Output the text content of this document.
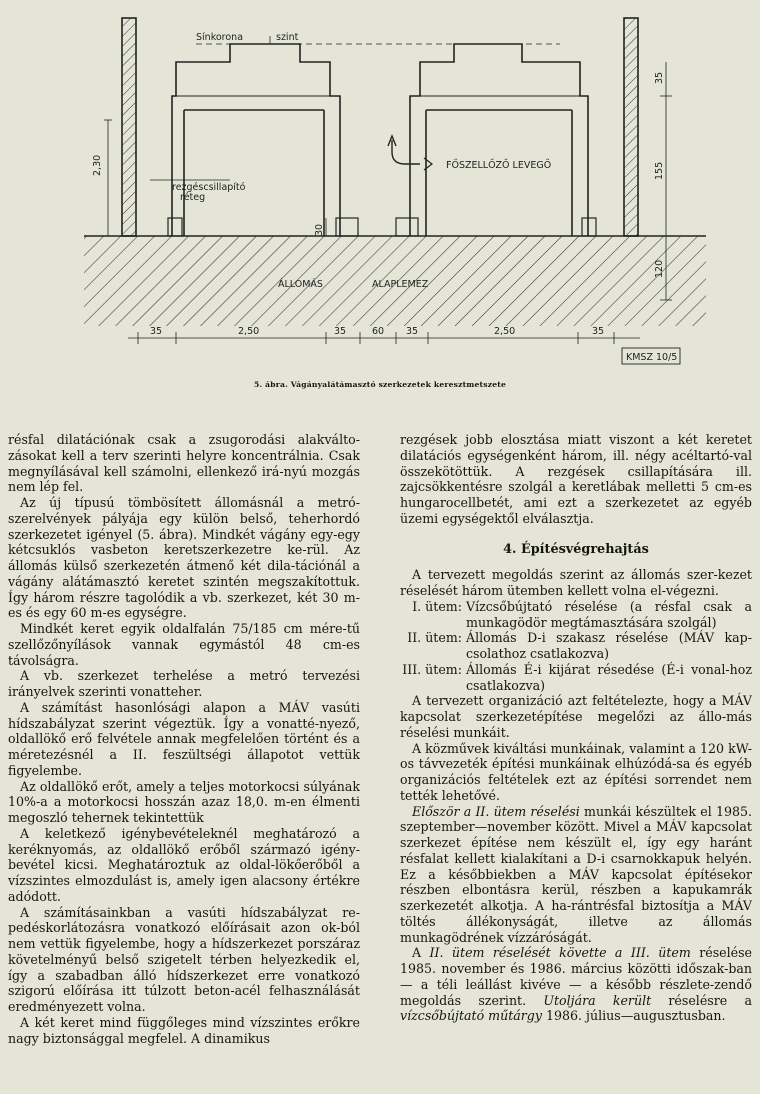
Sínkorona	szint
rezgéscsillapító
réteg
FŐSZELLŐZŐ LEVEGŐ
ÁLLOMÁS	ALAPLEMEZ
KMSZ 10/5
2,30
35
155
120
30
35	2,50	35	60 35	2,50	35
5. ábra. Vágányalátámasztó szerkezetek keresztmetszete

résfal dilatációnak csak a zsugorodási alakválto-zásokat kell a terv szerinti helyre koncentrálnia. Csak megnyílásával kell számolni, ellenkező irá-nyú mozgás nem lép fel.

Az új típusú tömbösített állomásnál a metró-szerelvények pályája egy külön belső, teherhordó szerkezetet igényel (5. ábra). Mindkét vágány egy-egy kétcsuklós vasbeton keretszerkezetre ke-rül. Az állomás külső szerkezetén átmenő két dila-tációnál a vágány alátámasztó keretet szintén megszakítottuk. Így három részre tagolódik a vb. szerkezet, két 30 m-es és egy 60 m-es egységre.

Mindkét keret egyik oldalfalán 75/185 cm mére-tű szellőzőnyílások vannak egymástól 48 cm-es távolságra.

A vb. szerkezet terhelése a metró tervezési irányelvek szerinti vonatteher.

A számítást hasonlósági alapon a MÁV vasúti hídszabályzat szerint végeztük. Így a vonatté-nyező, oldallökő erő felvétele annak megfelelően történt és a méretezésnél a II. feszültségi állapotot vettük figyelembe.

Az oldallökő erőt, amely a teljes motorkocsi súlyának 10%-a a motorkocsi hosszán azaz 18,0. m-en élmenti megoszló tehernek tekintettük

A keletkező igénybevételeknél meghatározó a keréknyomás, az oldallökő erőből származó igény-bevétel kicsi. Meghatároztuk az oldal-lökőerőből a vízszintes elmozdulást is, amely igen alacsony értékre adódott.

A számításainkban a vasúti hídszabályzat re-pedéskorlátozásra vonatkozó előírásait azon ok-ból nem vettük figyelembe, hogy a hídszerkezet porszáraz követelményű belső szigetelt térben helyezkedik el, így a szabadban álló hídszerkezet erre vonatkozó szigorú előírása itt túlzott beton-acél felhasználását eredményezett volna.

A két keret mind függőleges mind vízszintes erőkre nagy biztonsággal megfelel. A dinamikus

rezgések jobb elosztása miatt viszont a két keretet dilatációs egységenként három, ill. négy acéltartó-val összekötöttük. A rezgések csillapítására ill. zajcsökkentésre szolgál a keretlábak melletti 5 cm-es hungarocellbetét, ami ezt a szerkezetet az egyéb üzemi egységektől elválasztja.

4. Építésvégrehajtás

A tervezett megoldás szerint az állomás szer-kezet réselését három ütemben kellett volna el-végezni.

I. ütem: Vízcsőbújtató réselése (a résfal csak a munkagödör megtámasztására szolgál)
II. ütem: Állomás D-i szakasz réselése (MÁV kap-csolathoz csatlakozva)
III. ütem: Állomás É-i kijárat résedése (É-i vonal-hoz csatlakozva)

A tervezett organizáció azt feltételezte, hogy a MÁV kapcsolat szerkezetépítése megelőzi az állo-más réselési munkáit.

A közművek kiváltási munkáinak, valamint a 120 kW-os távvezeték építési munkáinak elhúzódá-sa és egyéb organizációs feltételek ezt az építési sorrendet nem tették lehetővé.

Először a II. ütem réselési munkái készültek el 1985. szeptember—november között. Mivel a MÁV kapcsolat szerkezet építése nem készült el, így egy haránt résfalat kellett kialakítani a D-i csarnokkapuk helyén. Ez a későbbiekben a MÁV kapcsolat építésekor részben elbontásra kerül, részben a kapukamrák szerkezetét alkotja. A ha-rántrésfal biztosítja a MÁV töltés állékonyságát, illetve az állomás munkagödrének vízzáróságát.

A II. ütem réselését követte a III. ütem réselése 1985. november és 1986. március közötti időszak-ban — a téli leállást kivéve — a később részlete-zendő megoldás szerint. Utoljára került réselésre a vízcsőbújtató műtárgy 1986. július—augusztusban.
